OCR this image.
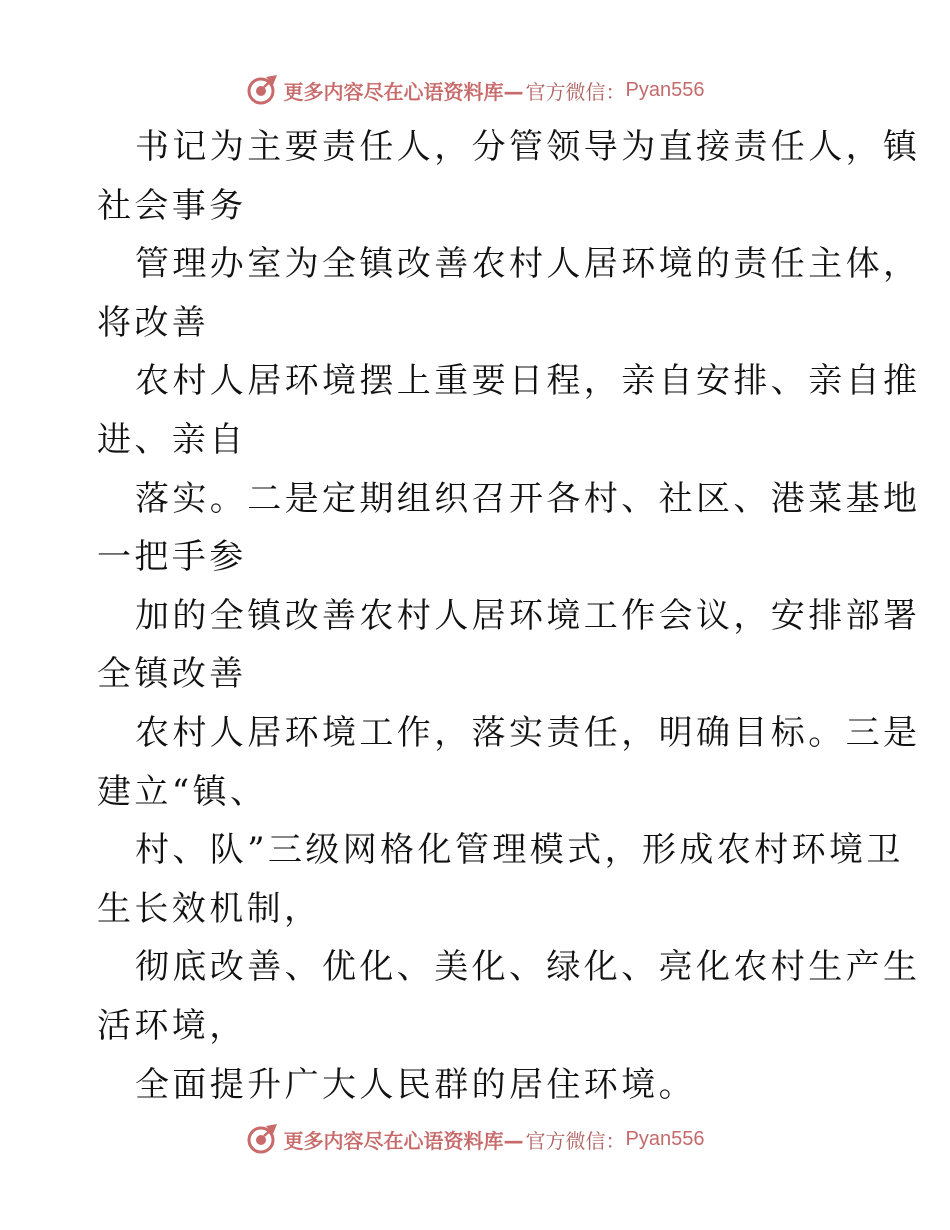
更多内容尽在心语资料库— 官方微信： Pyan556
书记为主要责任人，分管领导为直接责任人，镇
社会事务
管理办室为全镇改善农村人居环境的责任主体，
将改善
农村人居环境摆上重要日程，亲自安排、亲自推
进、亲自
落实。二是定期组织召开各村、社区、港菜基地
一把手参
加的全镇改善农村人居环境工作会议，安排部署
全镇改善
农村人居环境工作，落实责任，明确目标。三是
建立“镇、
村、队”三级网格化管理模式，形成农村环境卫
生长效机制，
彻底改善、优化、美化、绿化、亮化农村生产生
活环境，
全面提升广大人民群的居住环境。
更多内容尽在心语资料库— 官方微信： Pyan556
